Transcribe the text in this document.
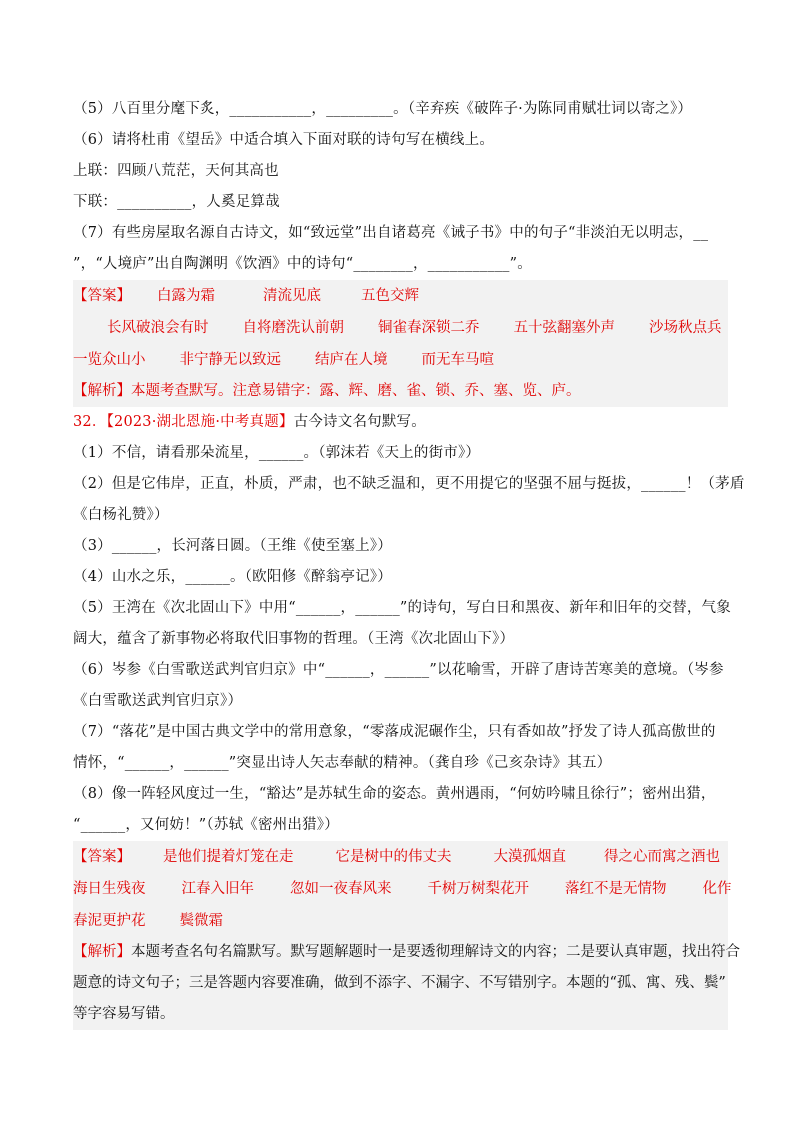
（5）八百里分麾下炙，___________，_________。（辛弃疾《破阵子·为陈同甫赋壮词以寄之》）
（6）请将杜甫《望岳》中适合填入下面对联的诗句写在横线上。
上联：四顾八荒茫，天何其高也
下联：__________，人奚足算哉
（7）有些房屋取名源自古诗文，如“致远堂”出自诸葛亮《诫子书》中的句子“非淡泊无以明志，__
”，“人境庐”出自陶渊明《饮酒》中的诗句“________，___________”。
【答案】	白露为霜	清流见底	五色交辉
长风破浪会有时 自将磨洗认前朝 铜雀春深锁二乔 五十弦翻塞外声 沙场秋点兵
一览众山小 非宁静无以致远 结庐在人境 而无车马喧
【解析】本题考查默写。注意易错字：露、辉、磨、雀、锁、乔、塞、览、庐。
32．【2023·湖北恩施·中考真题】古今诗文名句默写。
（1）不信，请看那朵流星，______。（郭沫若《天上的街市》）
（2）但是它伟岸，正直，朴质，严肃，也不缺乏温和，更不用提它的坚强不屈与挺拔，______！（茅盾
《白杨礼赞》）
（3）______，长河落日圆。（王维《使至塞上》）
（4）山水之乐，______。（欧阳修《醉翁亭记》）
（5）王湾在《次北固山下》中用“______，______”的诗句，写白日和黑夜、新年和旧年的交替，气象
阔大，蕴含了新事物必将取代旧事物的哲理。（王湾《次北固山下》）
（6）岑参《白雪歌送武判官归京》中“______，______”以花喻雪，开辟了唐诗苦寒美的意境。（岑参
《白雪歌送武判官归京》）
（7）“落花”是中国古典文学中的常用意象，“零落成泥碾作尘，只有香如故”抒发了诗人孤高傲世的
情怀，“______，______”突显出诗人矢志奉献的精神。（龚自珍《己亥杂诗》其五）
（8）像一阵轻风度过一生，“豁达”是苏轼生命的姿态。黄州遇雨，“何妨吟啸且徐行”；密州出猎，
“______，又何妨！”（苏轼《密州出猎》）
【答案】	是他们提着灯笼在走	它是树中的伟丈夫	大漠孤烟直	得之心而寓之酒也
海日生残夜 江春入旧年 忽如一夜春风来 千树万树梨花开 落红不是无情物 化作
春泥更护花 鬓微霜
【解析】本题考查名句名篇默写。默写题解题时一是要透彻理解诗文的内容；二是要认真审题，找出符合
题意的诗文句子；三是答题内容要准确，做到不添字、不漏字、不写错别字。本题的“孤、寓、残、鬓”
等字容易写错。
